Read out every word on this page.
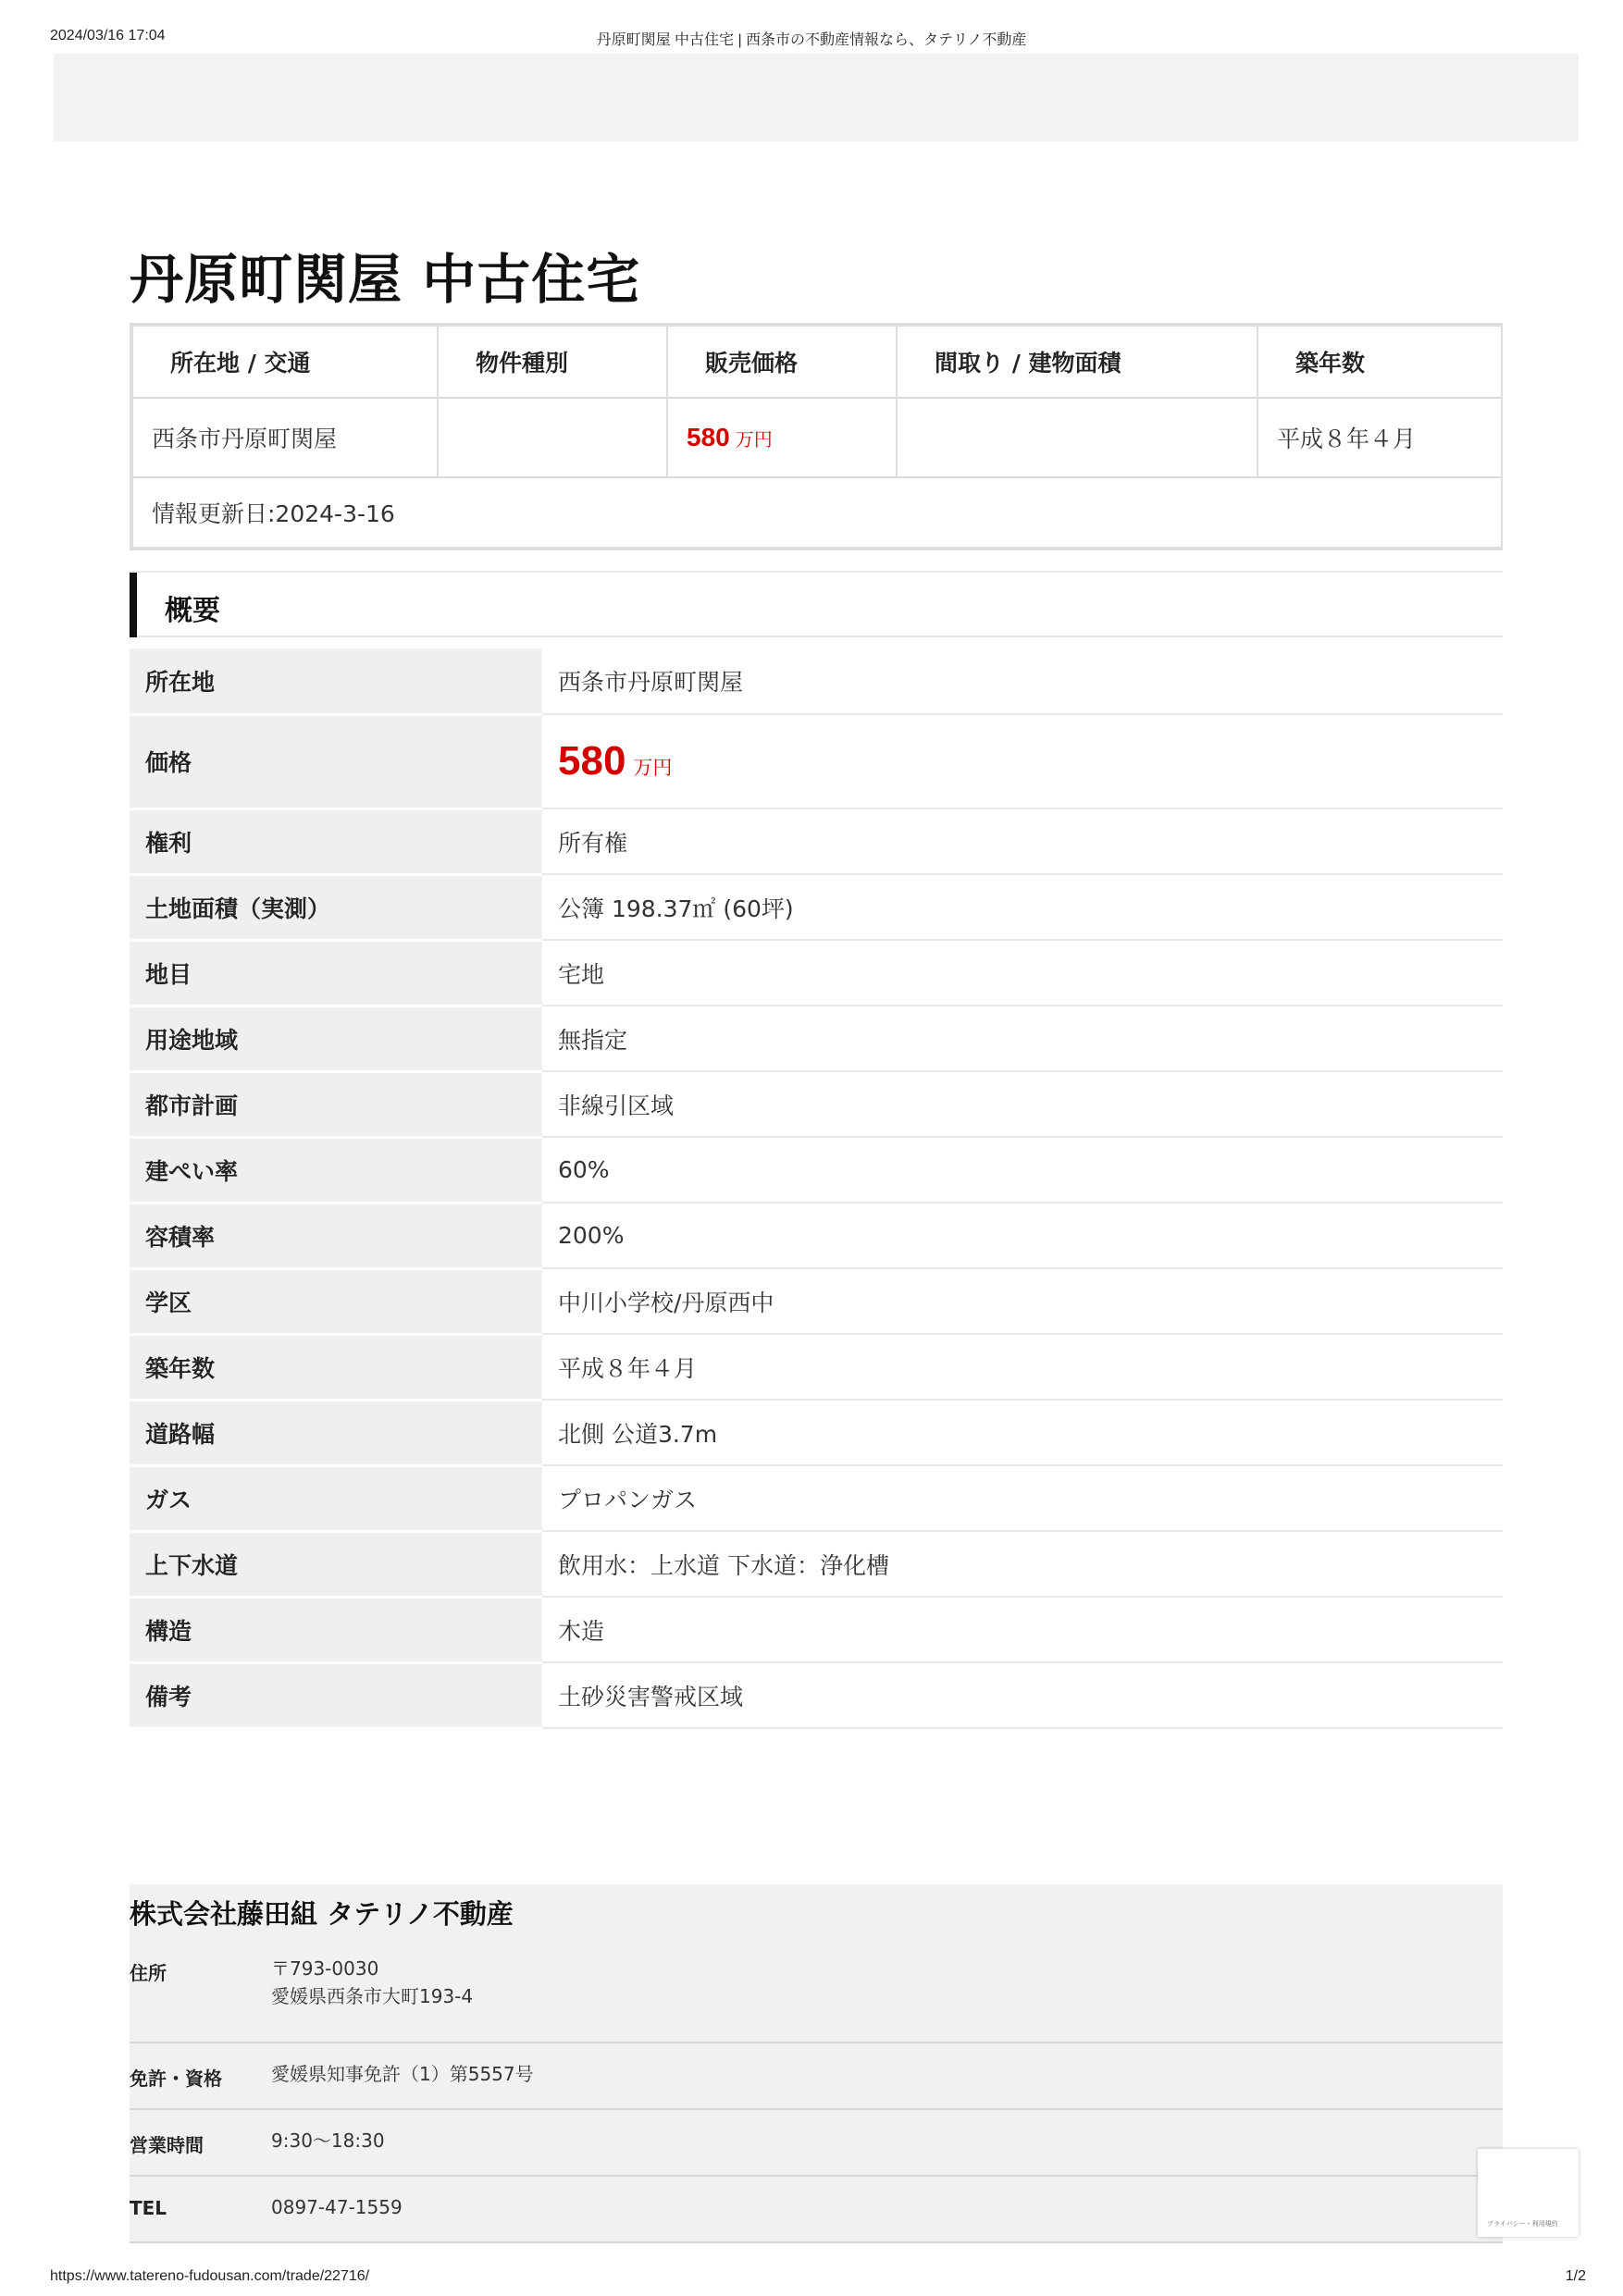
2024/03/16 17:04	丹原町関屋 中古住宅 | 西条市の不動産情報なら、タテリノ不動産
丹原町関屋 中古住宅
所在地 / 交通	物件種別	販売価格	間取り / 建物面積	築年数
西条市丹原町関屋		580 万円		平成８年４月
情報更新日:2024-3-16				
概要
所在地	西条市丹原町関屋
価格	580 万円
権利	所有権
土地面積（実測）	公簿 198.37㎡ (60坪)
地目	宅地
用途地域	無指定
都市計画	非線引区域
建ぺい率	60%
容積率	200%
学区	中川小学校/丹原西中
築年数	平成８年４月
道路幅	北側 公道3.7m
ガス	プロパンガス
上下水道	飲用水：上水道 下水道：浄化槽
構造	木造
備考	土砂災害警戒区域
株式会社藤田組 タテリノ不動産
住所	〒793-0030
愛媛県西条市大町193-4
免許・資格	愛媛県知事免許（1）第5557号
営業時間	9:30〜18:30
TEL	0897-47-1559
プライバシー・利用規約
https://www.tatereno-fudousan.com/trade/22716/	1/2
